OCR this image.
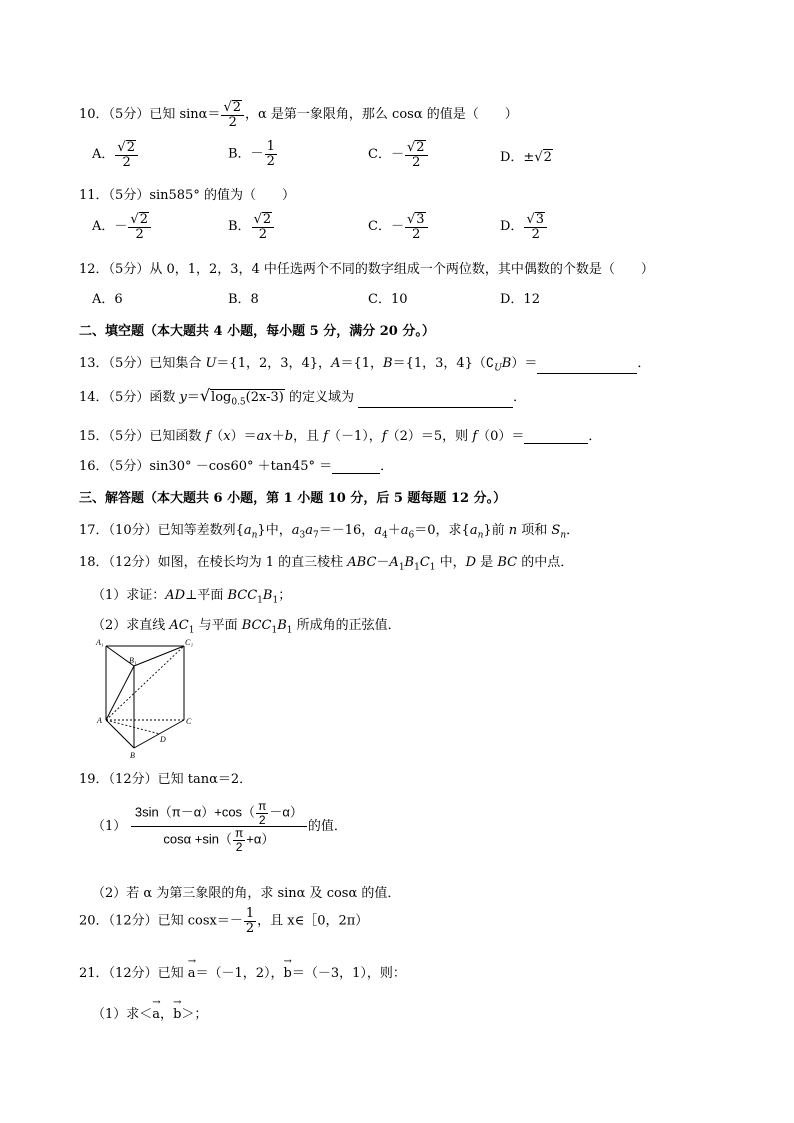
10．（5分）已知 $\sin\alpha= \frac{√2}{2}$ ，α 是第一象限角，那么 cosα 的值是（　　）
A． $\frac{√2}{2}$	B．－ $\frac{1}{2}$	C．－ $\frac{√2}{2}$	D．±√2
11．（5分）sin585° 的值为（　　）
A．－ $\frac{√2}{2}$	B． $\frac{√2}{2}$	C．－ $\frac{√3}{2}$	D． $\frac{√3}{2}$
12．（5分）从 0，1，2，3，4 中任选两个不同的数字组成一个两位数，其中偶数的个数是（　　）
A．6	B．8	C．10	D．12
二、填空题（本大题共 4 小题，每小题 5 分，满分 20 分。）
13．（5分）已知集合 U＝{1，2，3，4}，A＝{1，B＝{1，3，$4\}(∁_UB)=$	．
14．（5分）函数 $y=√\log_{0.5}(2x-3)$ 的定义域为	．
15．（5分）已知函数 f（x）＝ax＋b，且 f（－1），f（2）＝5，则 f（0）＝	．
16．（5分）sin30° －cos60° ＋tan45° ＝	．
三、解答题（本大题共 6 小题，第 1 小题 10 分，后 5 题每题 12 分。）
17．（10分）已知等差数列$\{a_n\}$中，$a_3a_7=-16$，$a_4+a_6=0$，求$\{a_n\}$前 n 项和 $S_n$．
18．（12分）如图，在棱长均为 1 的直三棱柱 $ABC-A_1B_1C_1$ 中，D 是 BC 的中点．
（1）求证：AD⊥平面 $BCC_1B_1$；
（2）求直线 $AC_1$ 与平面 $BCC_1B_1$ 所成角的正弦值．
A₁
B₁
C₁
A
B
C
D
19．（12分）已知 tanα＝2．
$(1) \frac{3\sin(\pi-\alpha)+\cos( \frac{\pi}{2} -\alpha)}{\cos\alpha +\sin( \frac{\pi}{2} +\alpha)}$ 的值．
（2）若 α 为第三象限的角，求 sinα 及 cosα 的值．
20．（12分）已知 $\cos x=- \frac{1}{2}$ ，且 x∈［0，2π）
21．（12分）已知
→
a＝（－1，2），
→
b＝（－3，1），则：
（1）求＜
→
a，
→
b＞；
